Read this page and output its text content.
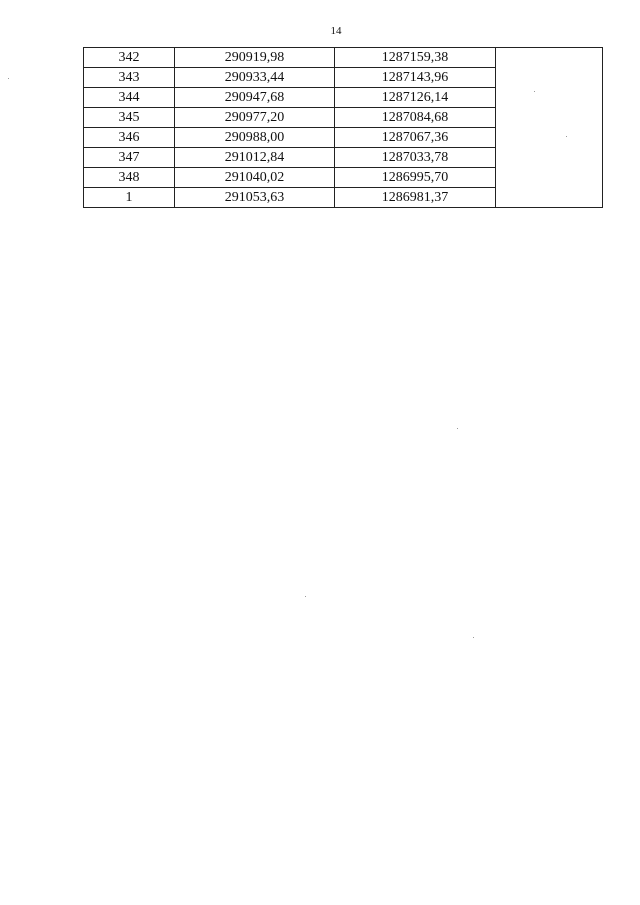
14
342	290919,98	1287159,38	
343	290933,44	1287143,96	
344	290947,68	1287126,14	
345	290977,20	1287084,68	
346	290988,00	1287067,36	
347	291012,84	1287033,78	
348	291040,02	1286995,70	
1	291053,63	1286981,37	
